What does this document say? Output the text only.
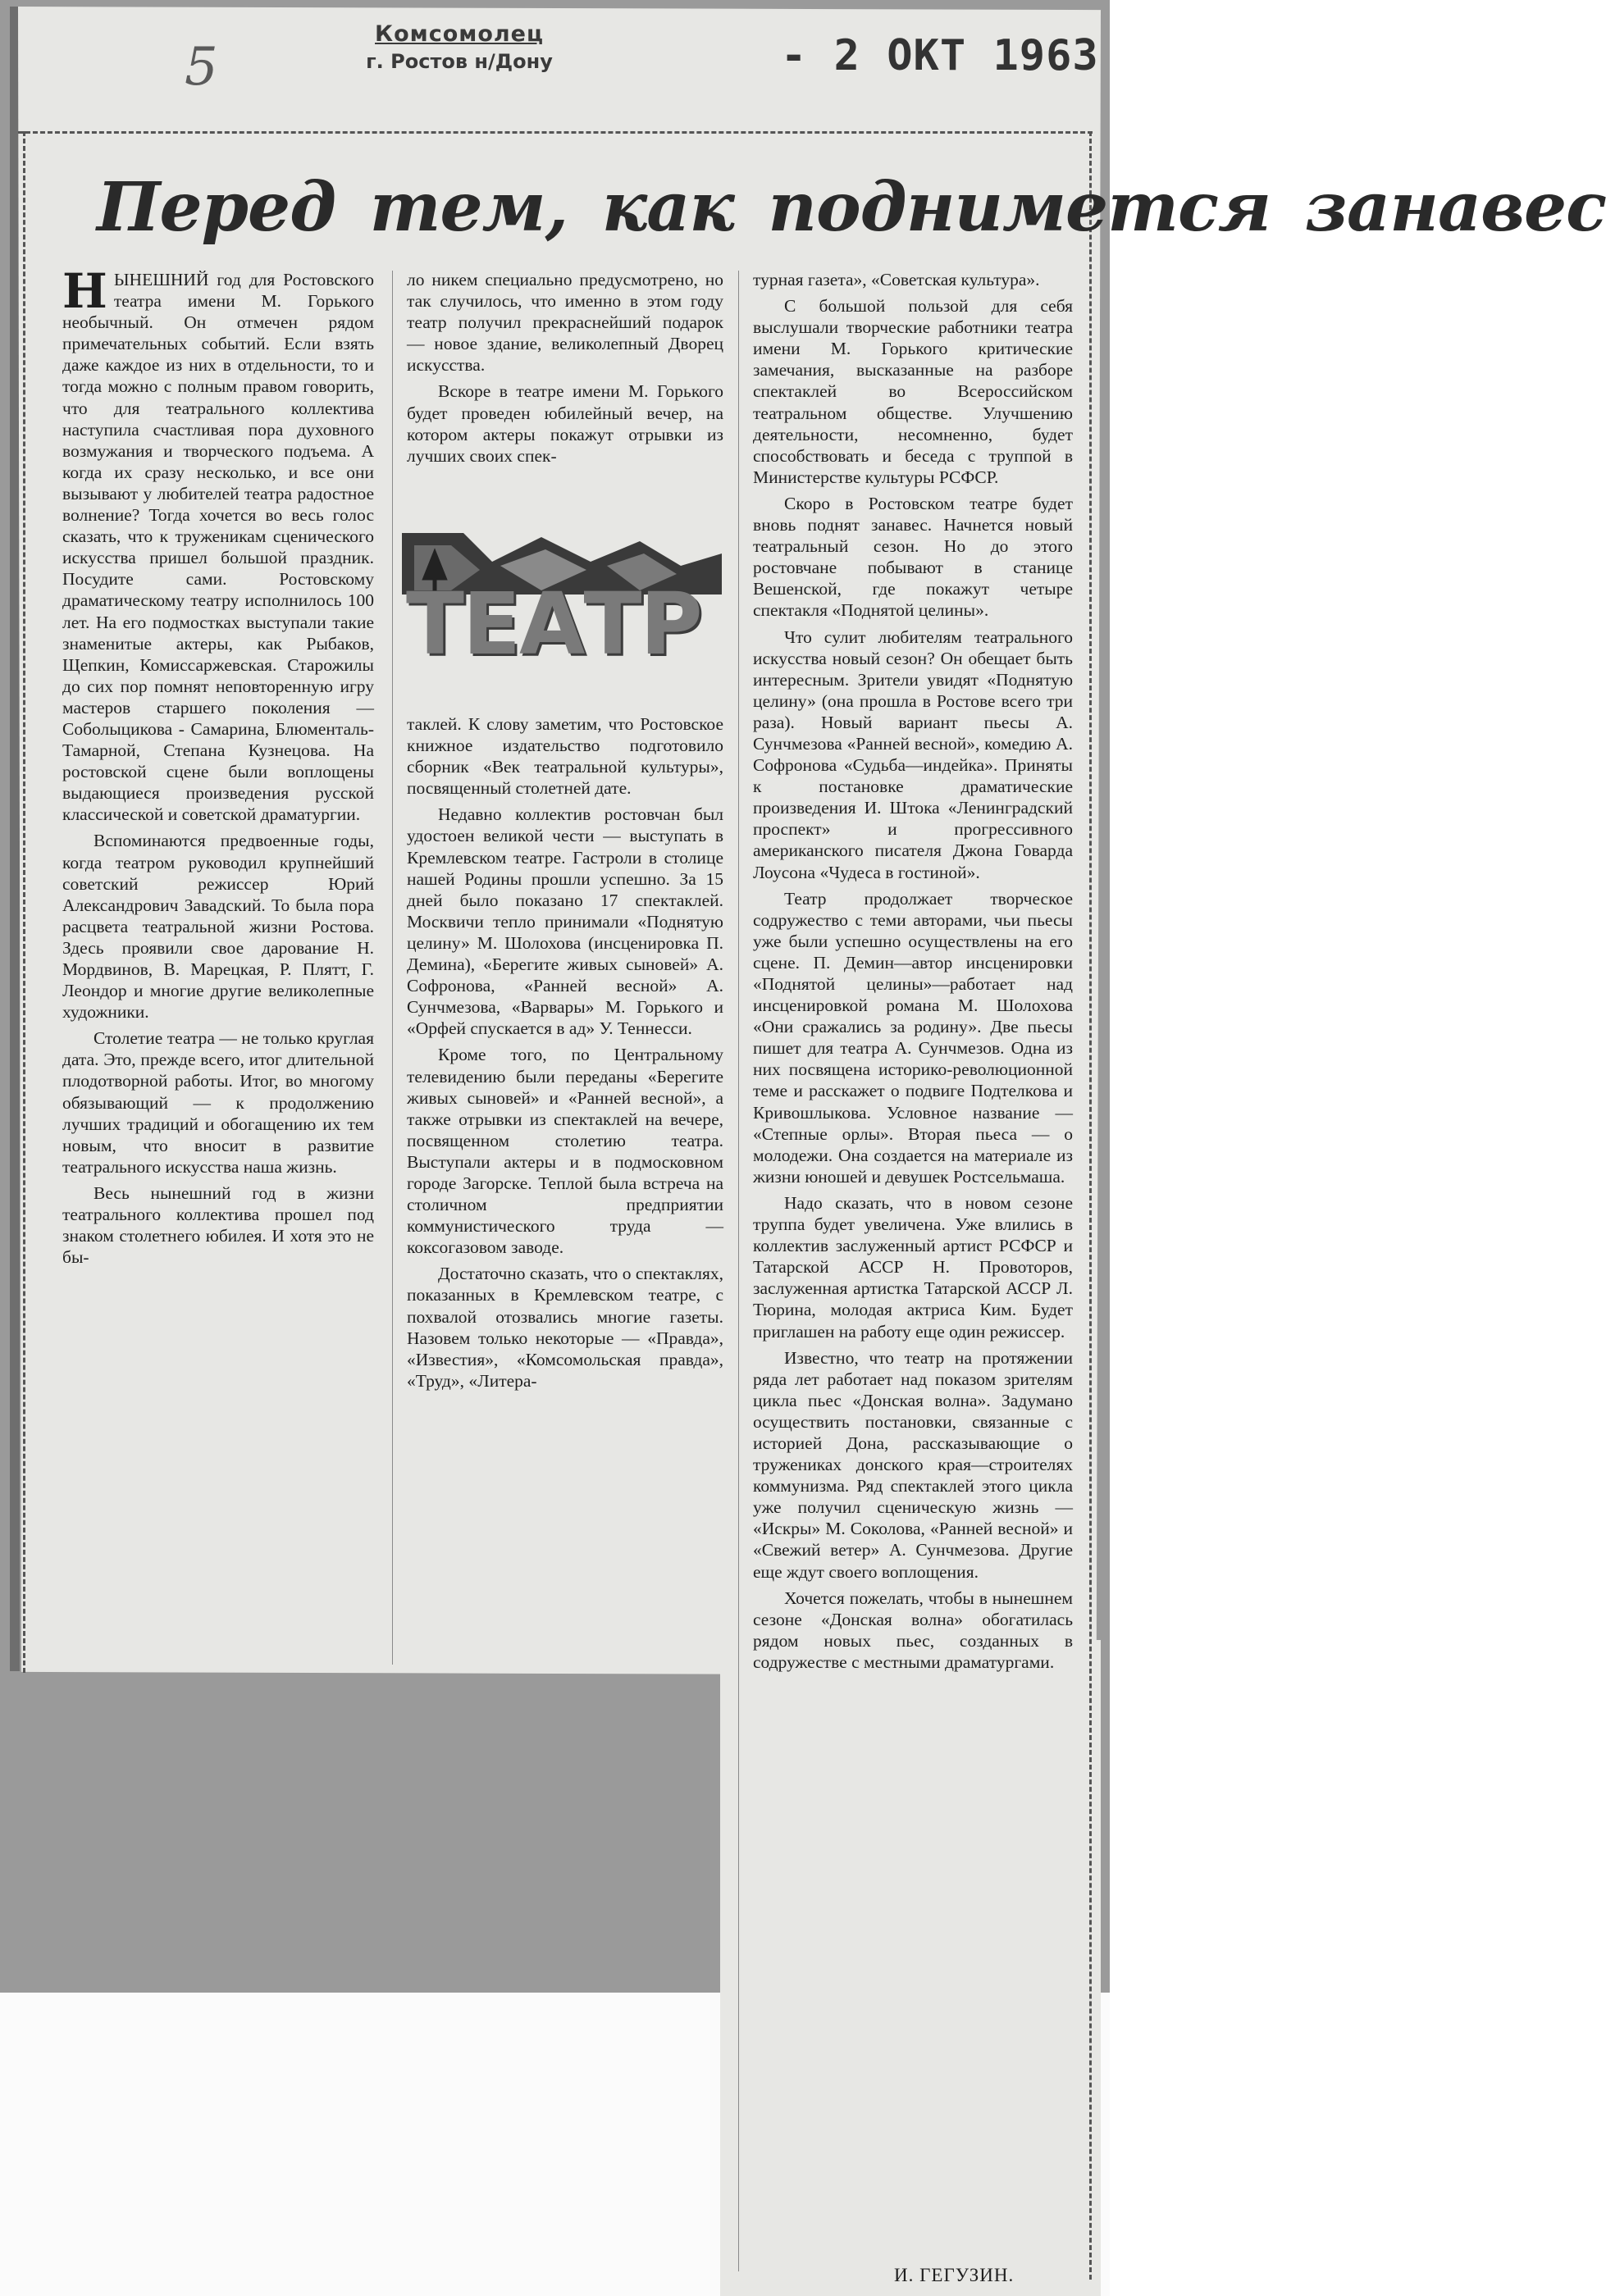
5
Комсомолец
г. Ростов н/Дону	- 2 ОКТ 1963
Перед тем, как поднимется занавес

НЫНЕШНИЙ год для Ростовского театра имени М. Горького необычный. Он отмечен рядом примечательных событий. Если взять даже каждое из них в отдельности, то и тогда можно с полным правом говорить, что для театрального коллектива наступила счастливая пора духовного возмужания и творческого подъема. А когда их сразу несколько, и все они вызывают у любителей театра радостное волнение? Тогда хочется во весь голос сказать, что к труженикам сценического искусства пришел большой праздник. Посудите сами. Ростовскому драматическому театру исполнилось 100 лет. На его подмостках выступали такие знаменитые актеры, как Рыбаков, Щепкин, Комиссаржевская. Старожилы до сих пор помнят неповторенную игру мастеров старшего поколения — Соболыцикова - Самарина, Блюменталь-Тамарной, Степана Кузнецова. На ростовской сцене были воплощены выдающиеся произведения русской классической и советской драматургии.

Вспоминаются предвоенные годы, когда театром руководил крупнейший советский режиссер Юрий Александрович Завадский. То была пора расцвета театральной жизни Ростова. Здесь проявили свое дарование Н. Мордвинов, В. Марецкая, Р. Плятт, Г. Леондор и многие другие великолепные художники.

Столетие театра — не только круглая дата. Это, прежде всего, итог длительной плодотворной работы. Итог, во многому обязывающий — к продолжению лучших традиций и обогащению их тем новым, что вносит в развитие театрального искусства наша жизнь.

Весь нынешний год в жизни театрального коллектива прошел под знаком столетнего юбилея. И хотя это не бы-

ло никем специально предусмотрено, но так случилось, что именно в этом году театр получил прекраснейший подарок — новое здание, великолепный Дворец искусства.

Вскоре в театре имени М. Горького будет проведен юбилейный вечер, на котором актеры покажут отрывки из лучших своих спек-

ТЕАТР

таклей. К слову заметим, что Ростовское книжное издательство подготовило сборник «Век театральной культуры», посвященный столетней дате.

Недавно коллектив ростовчан был удостоен великой чести — выступать в Кремлевском театре. Гастроли в столице нашей Родины прошли успешно. За 15 дней было показано 17 спектаклей. Москвичи тепло принимали «Поднятую целину» М. Шолохова (инсценировка П. Демина), «Берегите живых сыновей» А. Софронова, «Ранней весной» А. Сунчмезова, «Варвары» М. Горького и «Орфей спускается в ад» У. Теннесси.

Кроме того, по Центральному телевидению были переданы «Берегите живых сыновей» и «Ранней весной», а также отрывки из спектаклей на вечере, посвященном столетию театра. Выступали актеры и в подмосковном городе Загорске. Теплой была встреча на столичном предприятии коммунистического труда — коксогазовом заводе.

Достаточно сказать, что о спектаклях, показанных в Кремлевском театре, с похвалой отозвались многие газеты. Назовем только некоторые — «Правда», «Известия», «Комсомольская правда», «Труд», «Литера-

турная газета», «Советская культура».

С большой пользой для себя выслушали творческие работники театра имени М. Горького критические замечания, высказанные на разборе спектаклей во Всероссийском театральном обществе. Улучшению деятельности, несомненно, будет способствовать и беседа с труппой в Министерстве культуры РСФСР.

Скоро в Ростовском театре будет вновь поднят занавес. Начнется новый театральный сезон. Но до этого ростовчане побывают в станице Вешенской, где покажут четыре спектакля «Поднятой целины».

Что сулит любителям театрального искусства новый сезон? Он обещает быть интересным. Зрители увидят «Поднятую целину» (она прошла в Ростове всего три раза). Новый вариант пьесы А. Сунчмезова «Ранней весной», комедию А. Софронова «Судьба—индейка». Приняты к постановке драматические произведения И. Штока «Ленинградский проспект» и прогрессивного американского писателя Джона Говарда Лоусона «Чудеса в гостиной».

Театр продолжает творческое содружество с теми авторами, чьи пьесы уже были успешно осуществлены на его сцене. П. Демин—автор инсценировки «Поднятой целины»—работает над инсценировкой романа М. Шолохова «Они сражались за родину». Две пьесы пишет для театра А. Сунчмезов. Одна из них посвящена историко-революционной теме и расскажет о подвиге Подтелкова и Кривошлыкова. Условное название — «Степные орлы». Вторая пьеса — о молодежи. Она создается на материале из жизни юношей и девушек Ростсельмаша.

Надо сказать, что в новом сезоне труппа будет увеличена. Уже влились в коллектив заслуженный артист РСФСР и Татарской АССР Н. Провоторов, заслуженная артистка Татарской АССР Л. Тюрина, молодая актриса Ким. Будет приглашен на работу еще один режиссер.

Известно, что театр на протяжении ряда лет работает над показом зрителям цикла пьес «Донская волна». Задумано осуществить постановки, связанные с историей Дона, рассказывающие о тружениках донского края—строителях коммунизма. Ряд спектаклей этого цикла уже получил сценическую жизнь — «Искры» М. Соколова, «Ранней весной» и «Свежий ветер» А. Сунчмезова. Другие еще ждут своего воплощения.

Хочется пожелать, чтобы в нынешнем сезоне «Донская волна» обогатилась рядом новых пьес, созданных в содружестве с местными драматургами.

И. ГЕГУЗИН.
